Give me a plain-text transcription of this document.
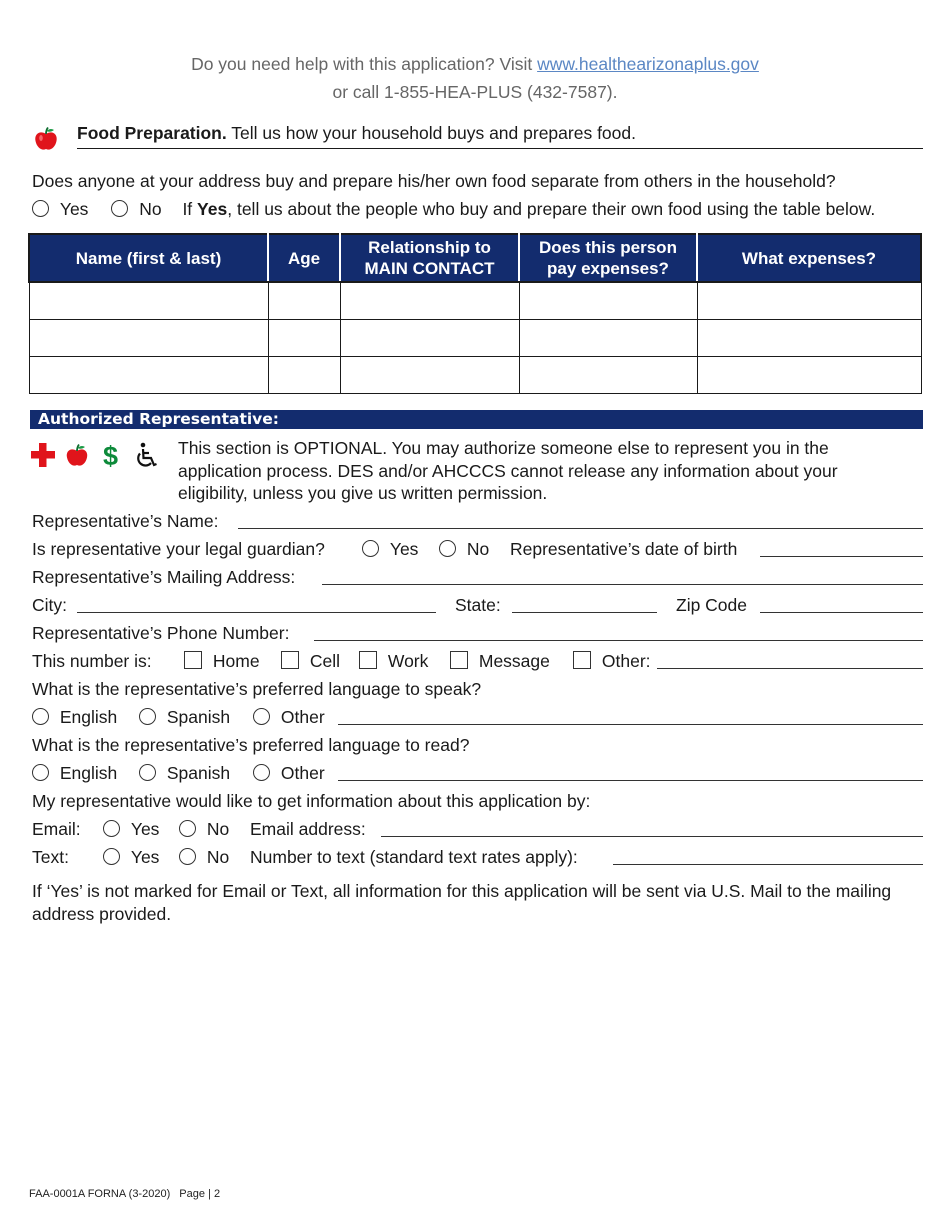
Do you need help with this application? Visit www.healthearizonaplus.gov
or call 1-855-HEA-PLUS (432-7587).
Food Preparation. Tell us how your household buys and prepares food.
Does anyone at your address buy and prepare his/her own food separate from others in the household?
Yes	No If Yes, tell us about the people who buy and prepare their own food using the table below.
Name (first & last)	Age	Relationship to MAIN CONTACT	Does this person pay expenses?	What expenses?

Authorized Representative:
$	This section is OPTIONAL. You may authorize someone else to represent you in the application process. DES and/or AHCCCS cannot release any information about your eligibility, unless you give us written permission.
Representative’s Name:
Is representative your legal guardian?	Yes	No Representative’s date of birth
Representative’s Mailing Address:
City:	State:	Zip Code
Representative’s Phone Number:
This number is:	Home	Cell	Work	Message	Other:
What is the representative’s preferred language to speak?
English	Spanish	Other
What is the representative’s preferred language to read?
English	Spanish	Other
My representative would like to get information about this application by:
Email:	Yes	No Email address:
Text:	Yes	No Number to text (standard text rates apply):
If ‘Yes’ is not marked for Email or Text, all information for this application will be sent via U.S. Mail to the mailing address provided.
FAA-0001A FORNA (3-2020) Page | 2
